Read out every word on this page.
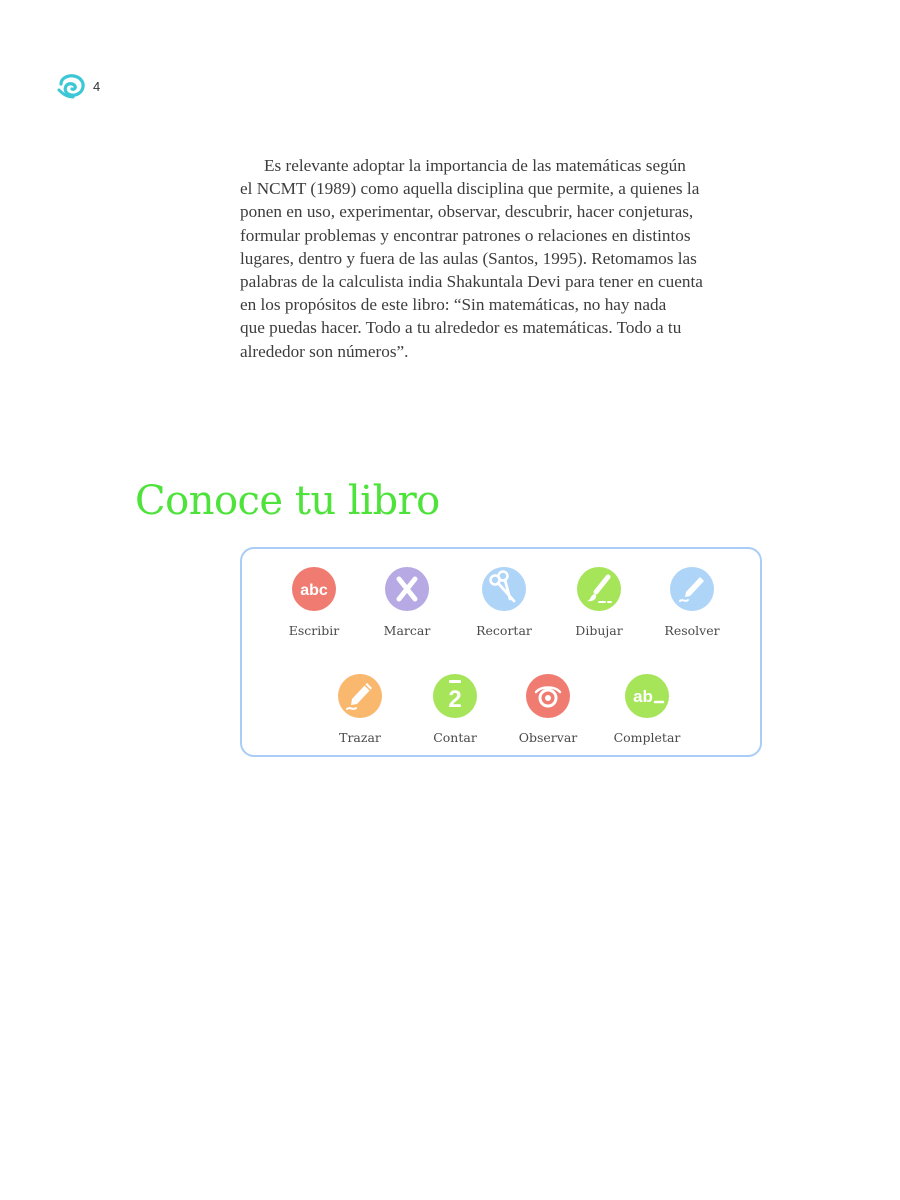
4
Es relevante adoptar la importancia de las matemáticas según
el NCMT (1989) como aquella disciplina que permite, a quienes la
ponen en uso, experimentar, observar, descubrir, hacer conjeturas,
formular problemas y encontrar patrones o relaciones en distintos
lugares, dentro y fuera de las aulas (Santos, 1995). Retomamos las
palabras de la calculista india Shakuntala Devi para tener en cuenta
en los propósitos de este libro: “Sin matemáticas, no hay nada
que puedas hacer. Todo a tu alrededor es matemáticas. Todo a tu
alrededor son números”.
Conoce tu libro
abc
Escribir	Marcar	Recortar	Dibujar	Resolver
Trazar
2
Contar	Observar
ab
Completar
